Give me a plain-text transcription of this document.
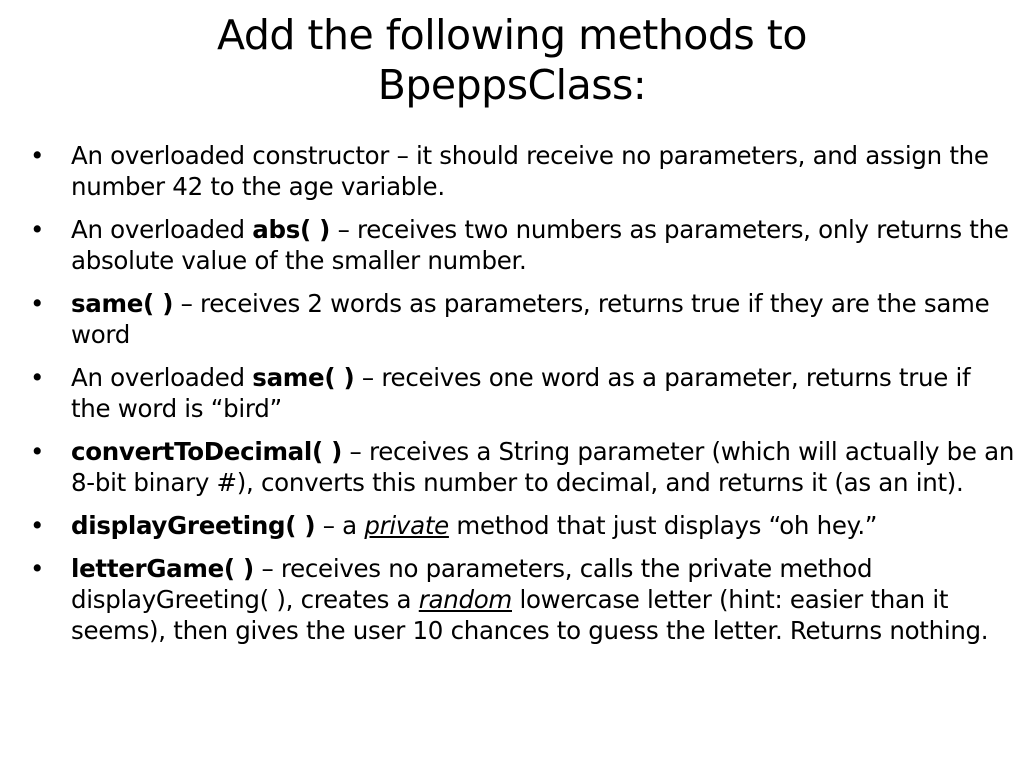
Add the following methods to
BpeppsClass:
• An overloaded constructor – it should receive no parameters, and assign the number 42 to the age variable.
• An overloaded abs( ) – receives two numbers as parameters, only returns the absolute value of the smaller number.
• same( ) – receives 2 words as parameters, returns true if they are the same word
• An overloaded same( ) – receives one word as a parameter, returns true if the word is “bird”
• convertToDecimal( ) – receives a String parameter (which will actually be an 8-bit binary #), converts this number to decimal, and returns it (as an int).
• displayGreeting( ) – a private method that just displays “oh hey.”
• letterGame( ) – receives no parameters, calls the private method displayGreeting( ), creates a random lowercase letter (hint: easier than it seems), then gives the user 10 chances to guess the letter. Returns nothing.
